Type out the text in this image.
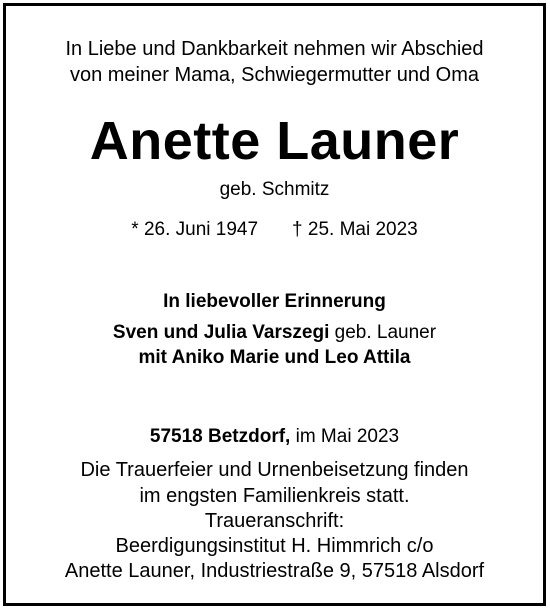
In Liebe und Dankbarkeit nehmen wir Abschied
von meiner Mama, Schwiegermutter und Oma
Anette Launer
geb. Schmitz
* 26. Juni 1947 † 25. Mai 2023
In liebevoller Erinnerung
Sven und Julia Varszegi geb. Launer
mit Aniko Marie und Leo Attila
57518 Betzdorf, im Mai 2023
Die Trauerfeier und Urnenbeisetzung finden
im engsten Familienkreis statt.
Traueranschrift:
Beerdigungsinstitut H. Himmrich c/o
Anette Launer, Industriestraße 9, 57518 Alsdorf
